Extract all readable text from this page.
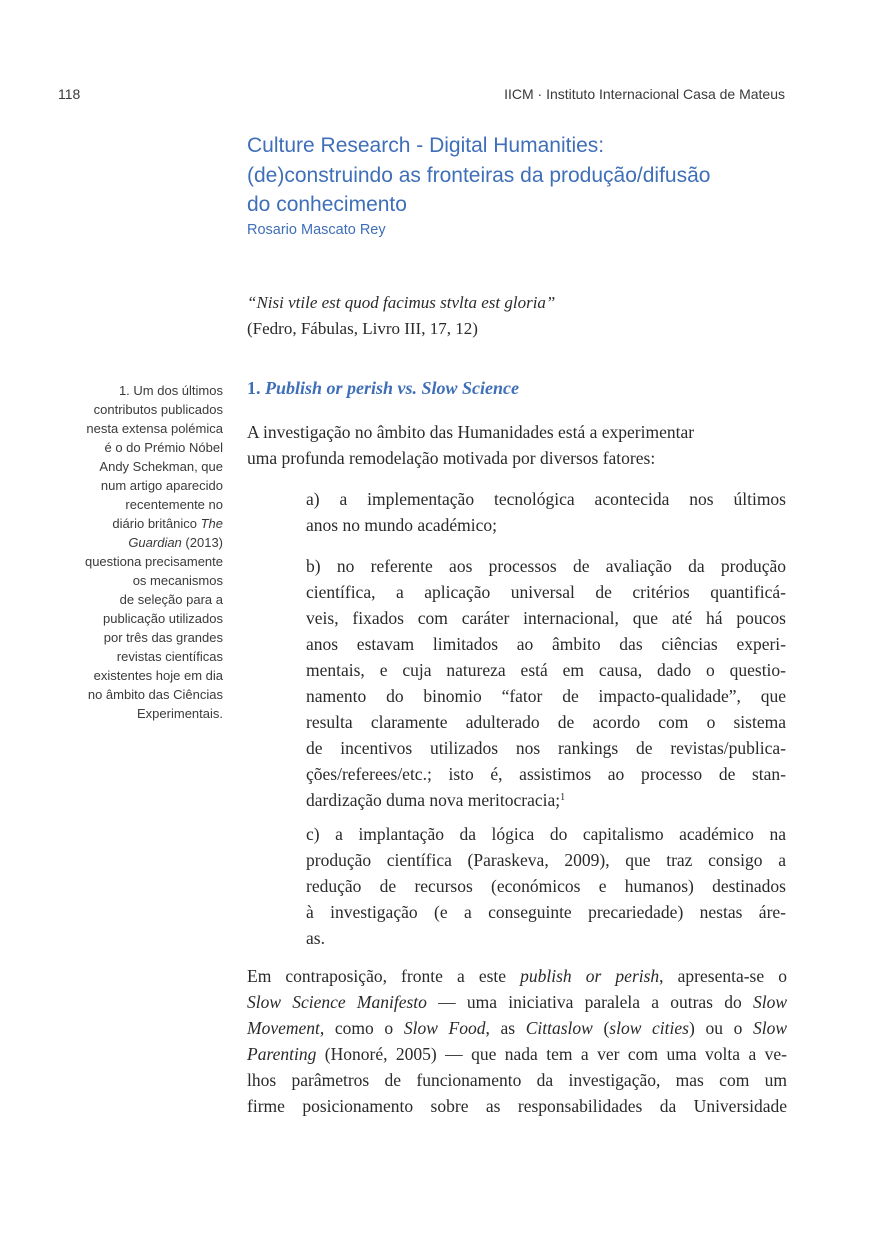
118	IICM · Instituto Internacional Casa de Mateus
Culture Research - Digital Humanities:
(de)construindo as fronteiras da produção/difusão
do conhecimento
Rosario Mascato Rey
“Nisi vtile est quod facimus stvlta est gloria”
(Fedro, Fábulas, Livro III, 17, 12)
1. Um dos últimos
contributos publicados
nesta extensa polémica
é o do Prémio Nóbel
Andy Schekman, que
num artigo aparecido
recentemente no
diário britânico The
Guardian (2013)
questiona precisamente
os mecanismos
de seleção para a
publicação utilizados
por três das grandes
revistas científicas
existentes hoje em dia
no âmbito das Ciências
Experimentais.
1. Publish or perish vs. Slow Science
A investigação no âmbito das Humanidades está a experimentar
uma profunda remodelação motivada por diversos fatores:
a) a implementação tecnológica acontecida nos últimos
anos no mundo académico;
b) no referente aos processos de avaliação da produção
científica, a aplicação universal de critérios quantificá-
veis, fixados com caráter internacional, que até há poucos
anos estavam limitados ao âmbito das ciências experi-
mentais, e cuja natureza está em causa, dado o questio-
namento do binomio “fator de impacto-qualidade”, que
resulta claramente adulterado de acordo com o sistema
de incentivos utilizados nos rankings de revistas/publica-
ções/referees/etc.; isto é, assistimos ao processo de stan-
dardização duma nova meritocracia;$^1$
c) a implantação da lógica do capitalismo académico na
produção científica (Paraskeva, 2009), que traz consigo a
redução de recursos (económicos e humanos) destinados
à investigação (e a conseguinte precariedade) nestas áre-
as.
Em contraposição, fronte a este publish or perish, apresenta-se o
Slow Science Manifesto — uma iniciativa paralela a outras do Slow
Movement, como o Slow Food, as Cittaslow (slow cities) ou o Slow
Parenting (Honoré, 2005) — que nada tem a ver com uma volta a ve-
lhos parâmetros de funcionamento da investigação, mas com um
firme posicionamento sobre as responsabilidades da Universidade
